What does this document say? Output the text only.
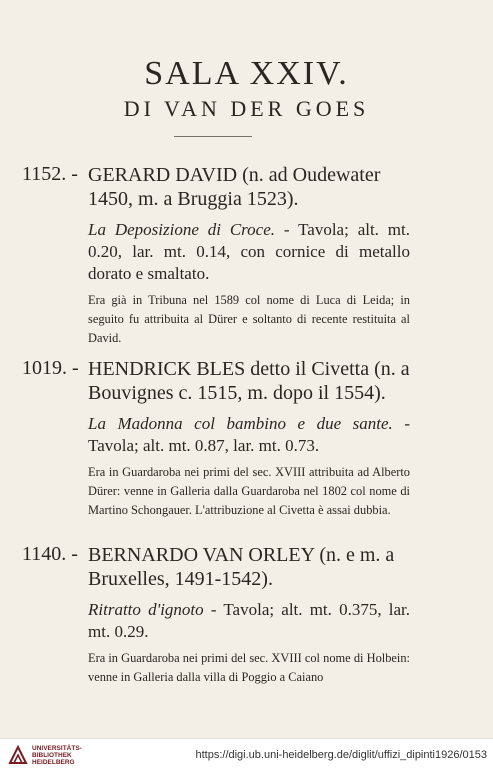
SALA XXIV.
DI VAN DER GOES
1152. - GERARD DAVID (n. ad Oudewater 1450, m. a Bruggia 1523).

La Deposizione di Croce. - Tavola; alt. mt. 0.20, lar. mt. 0.14, con cornice di metallo dorato e smaltato.

Era già in Tribuna nel 1589 col nome di Luca di Leida; in seguito fu attribuita al Dürer e soltanto di recente restituita al David.

1019. - HENDRICK BLES detto il Civetta (n. a Bouvignes c. 1515, m. dopo il 1554).

La Madonna col bambino e due sante. - Tavola; alt. mt. 0.87, lar. mt. 0.73.

Era in Guardaroba nei primi del sec. XVIII attribuita ad Alberto Dürer: venne in Galleria dalla Guardaroba nel 1802 col nome di Martino Schongauer. L'attribuzione al Civetta è assai dubbia.

1140. - BERNARDO VAN ORLEY (n. e m. a Bruxelles, 1491-1542).

Ritratto d'ignoto - Tavola; alt. mt. 0.375, lar. mt. 0.29.

Era in Guardaroba nei primi del sec. XVIII col nome di Holbein: venne in Galleria dalla villa di Poggio a Caiano

UNIVERSITÄTS-
BIBLIOTHEK
HEIDELBERG
https://digi.ub.uni-heidelberg.de/diglit/uffizi_dipinti1926/0153
